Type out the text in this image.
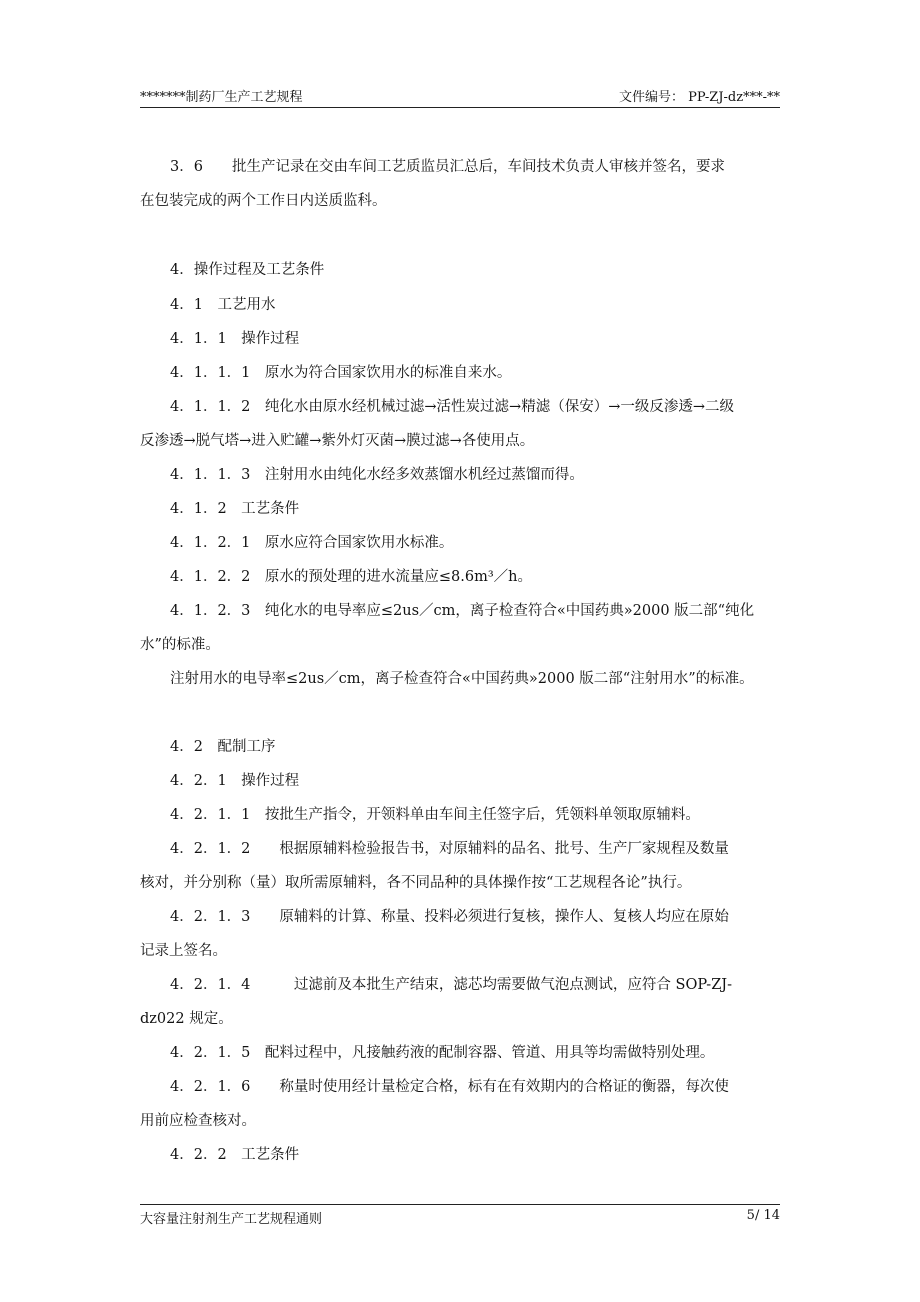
*******制药厂生产工艺规程	文件编号： PP-ZJ-dz***-**
3．6　　批生产记录在交由车间工艺质监员汇总后，车间技术负责人审核并签名，要求
在包装完成的两个工作日内送质监科。
4．操作过程及工艺条件
4．1　工艺用水
4．1．1　操作过程
4．1．1．1　原水为符合国家饮用水的标准自来水。
4．1．1．2　纯化水由原水经机械过滤→活性炭过滤→精滤（保安）→一级反渗透→二级
反渗透→脱气塔→进入贮罐→紫外灯灭菌→膜过滤→各使用点。
4．1．1．3　注射用水由纯化水经多效蒸馏水机经过蒸馏而得。
4．1．2　工艺条件
4．1．2．1　原水应符合国家饮用水标准。
4．1．2．2　原水的预处理的进水流量应≤8.6m³／h。
4．1．2．3　纯化水的电导率应≤2us／cm，离子检查符合«中国药典»2000 版二部“纯化
水”的标准。
注射用水的电导率≤2us／cm，离子检查符合«中国药典»2000 版二部“注射用水”的标准。
4．2　配制工序
4．2．1　操作过程
4．2．1．1　按批生产指令，开领料单由车间主任签字后，凭领料单领取原辅料。
4．2．1．2　　根据原辅料检验报告书，对原辅料的品名、批号、生产厂家规程及数量
核对，并分别称（量）取所需原辅料，各不同品种的具体操作按“工艺规程各论”执行。
4．2．1．3　　原辅料的计算、称量、投料必须进行复核，操作人、复核人均应在原始
记录上签名。
4．2．1．4　　　过滤前及本批生产结束，滤芯均需要做气泡点测试，应符合 SOP-ZJ-
dz022 规定。
4．2．1．5　配料过程中，凡接触药液的配制容器、管道、用具等均需做特别处理。
4．2．1．6　　称量时使用经计量检定合格，标有在有效期内的合格证的衡器，每次使
用前应检查核对。
4．2．2　工艺条件
大容量注射剂生产工艺规程通则	5/ 14
